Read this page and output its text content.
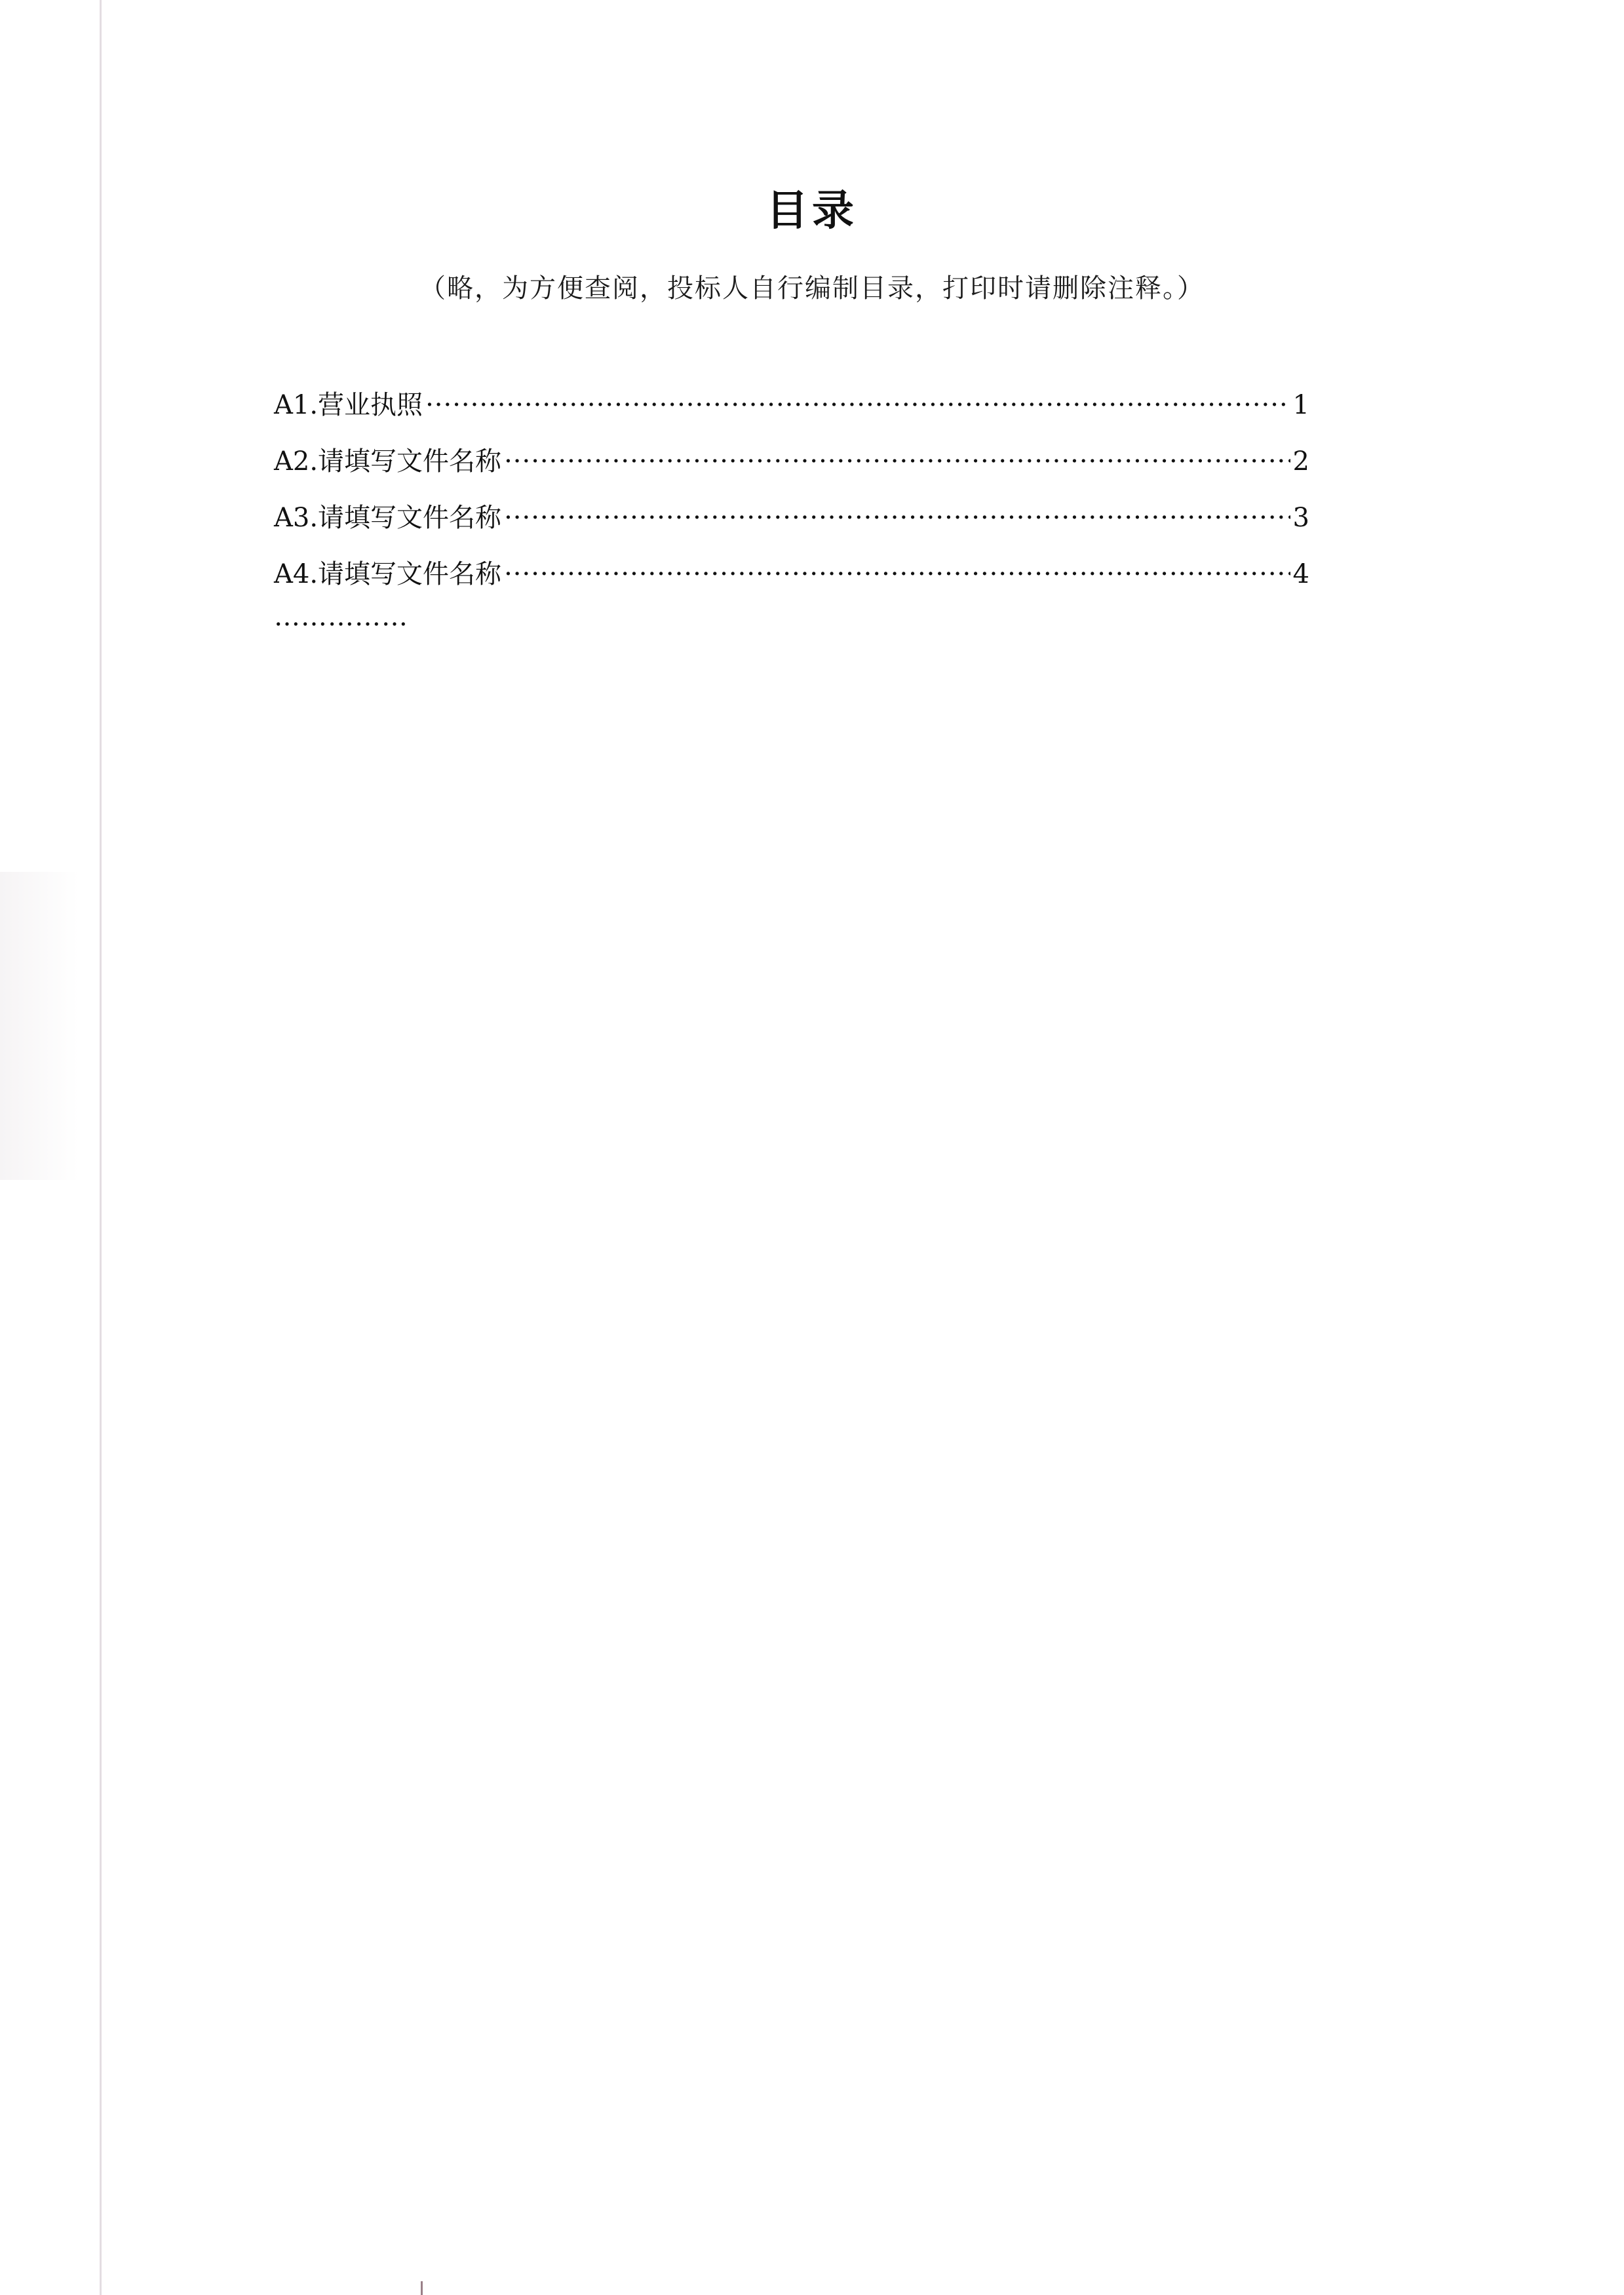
目录

（略，为方便查阅，投标人自行编制目录，打印时请删除注释。）

A1.营业执照 ·····	1
A2.请填写文件名称 ·····	2
A3.请填写文件名称 ·····	3
A4.请填写文件名称 ·····	4

……………
